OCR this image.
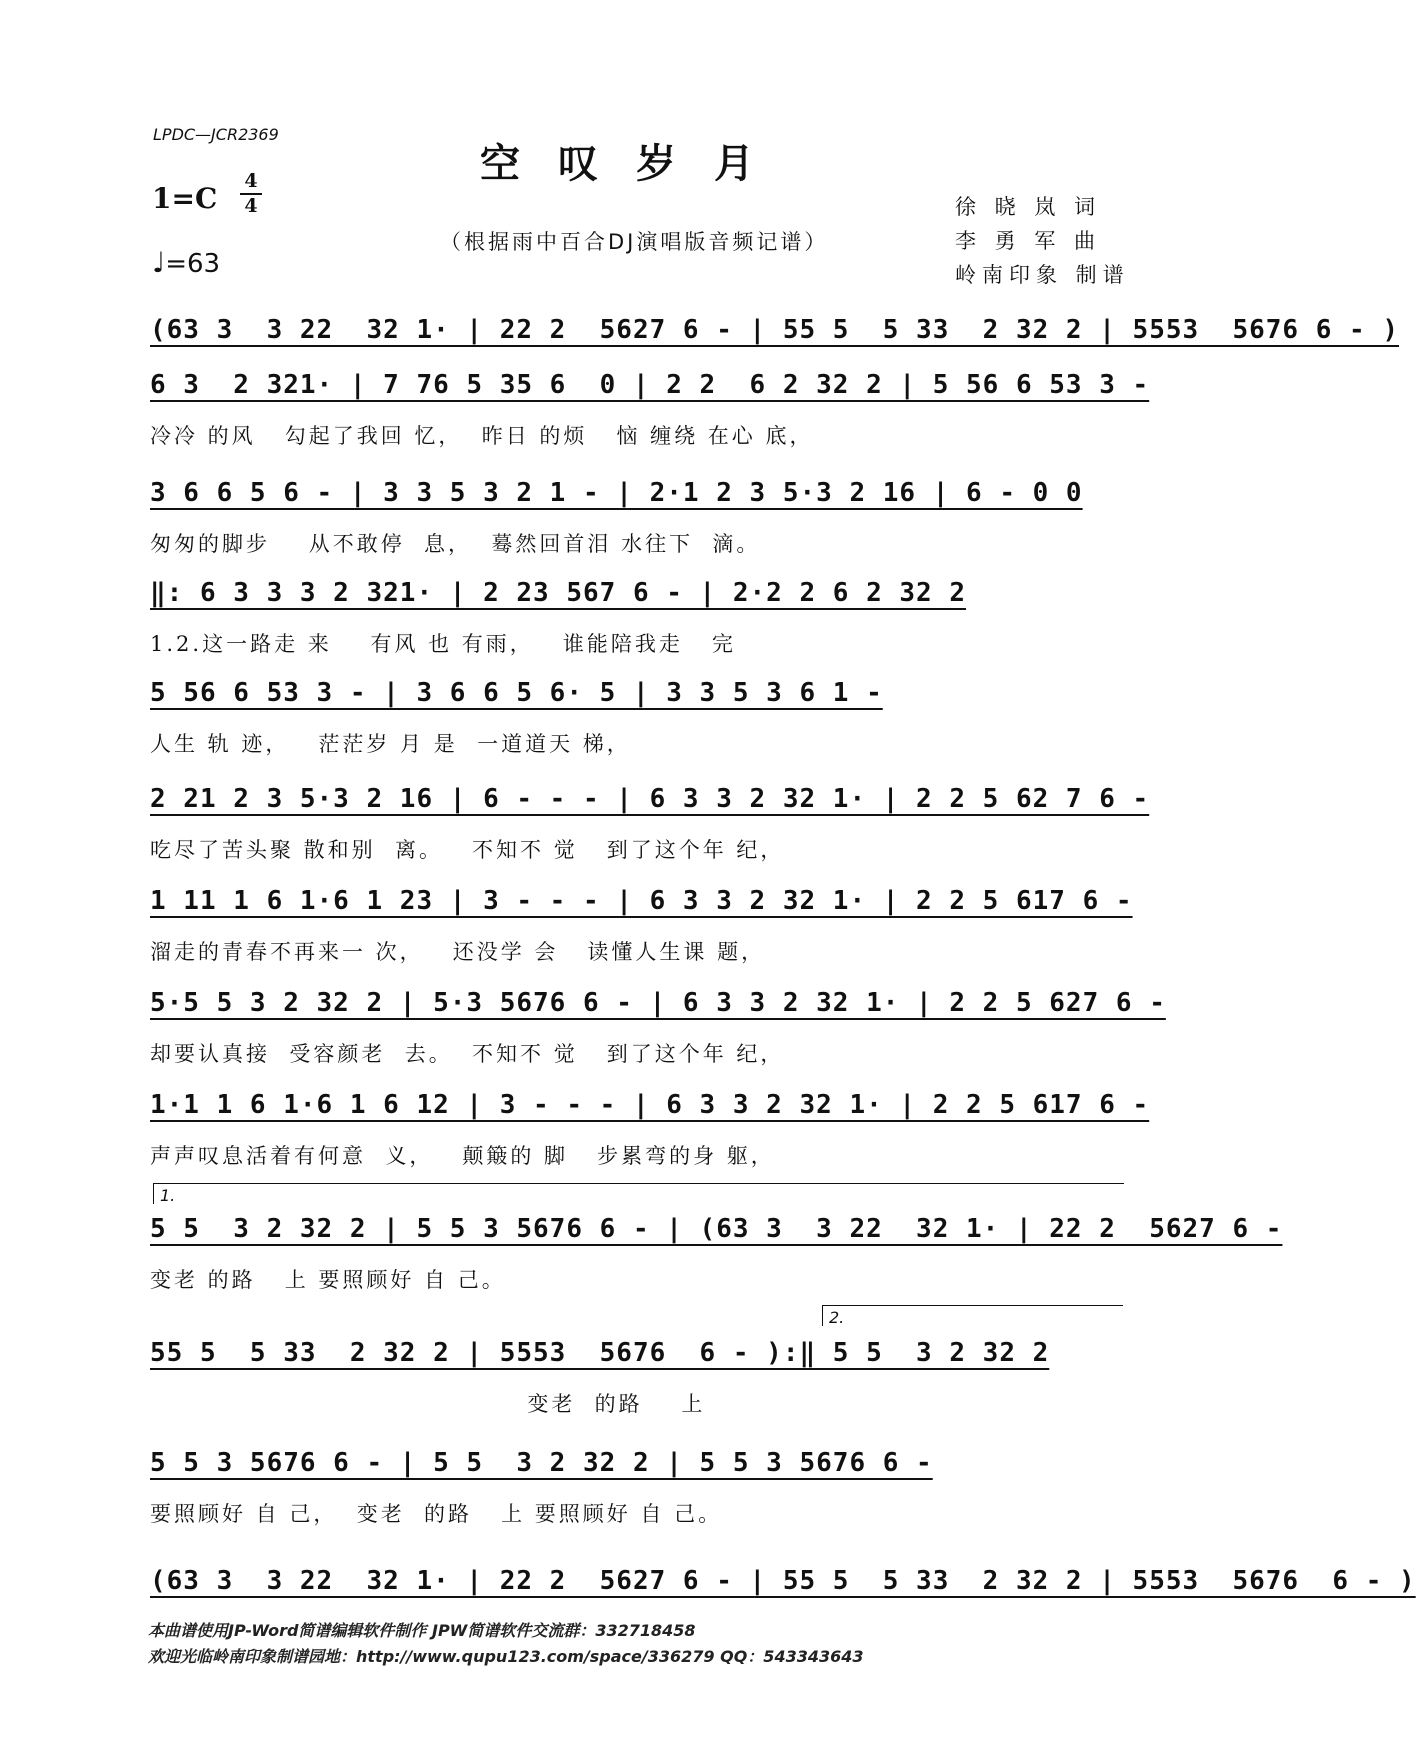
LPDC—JCR2369
空叹岁月
1=C
4
4
♩=63
（根据雨中百合DJ演唱版音频记谱）
徐 晓 岚 词
李 勇 军 曲
岭南印象 制谱
(63 3  3 22  32 1· | 22 2  5627 6 - | 55 5  5 33  2 32 2 | 5553  5676 6 - )
6 3  2 321· | 7 76 5 35 6  0 | 2 2  6 2 32 2 | 5 56 6 53 3 -
冷冷 的风   勾起了我回 忆，  昨日 的烦   恼 缠绕 在心 底，
3 6 6 5 6 - | 3 3 5 3 2 1 - | 2·1 2 3 5·3 2 16 | 6 - 0 0
匆匆的脚步    从不敢停  息，  蓦然回首泪 水往下  滴。
‖: 6 3 3 3 2 321· | 2 23 567 6 - | 2·2 2 6 2 32 2
1.2.这一路走 来    有风 也 有雨，   谁能陪我走   完
5 56 6 53 3 - | 3 6 6 5 6· 5 | 3 3 5 3 6 1 -
人生 轨 迹，   茫茫岁 月 是  一道道天 梯，
2 21 2 3 5·3 2 16 | 6 - - - | 6 3 3 2 32 1· | 2 2 5 62 7 6 -
吃尽了苦头聚 散和别  离。   不知不 觉   到了这个年 纪，
1 11 1 6 1·6 1 23 | 3 - - - | 6 3 3 2 32 1· | 2 2 5 617 6 -
溜走的青春不再来一 次，   还没学 会   读懂人生课 题，
5·5 5 3 2 32 2 | 5·3 5676 6 - | 6 3 3 2 32 1· | 2 2 5 627 6 -
却要认真接  受容颜老  去。  不知不 觉   到了这个年 纪，
1·1 1 6 1·6 1 6 12 | 3 - - - | 6 3 3 2 32 1· | 2 2 5 617 6 -
声声叹息活着有何意  义，   颠簸的 脚   步累弯的身 躯，
1.
5 5  3 2 32 2 | 5 5 3 5676 6 - | (63 3  3 22  32 1· | 22 2  5627 6 -
变老 的路   上 要照顾好 自 己。
2.
55 5  5 33  2 32 2 | 5553  5676  6 - ):‖ 5 5  3 2 32 2
变老  的路    上
5 5 3 5676 6 - | 5 5  3 2 32 2 | 5 5 3 5676 6 -
要照顾好 自 己，  变老  的路   上 要照顾好 自 己。
(63 3  3 22  32 1· | 22 2  5627 6 - | 55 5  5 33  2 32 2 | 5553  5676  6 - )
本曲谱使用JP-Word简谱编辑软件制作 JPW简谱软件交流群：332718458
欢迎光临岭南印象制谱园地：http://www.qupu123.com/space/336279 QQ：543343643
